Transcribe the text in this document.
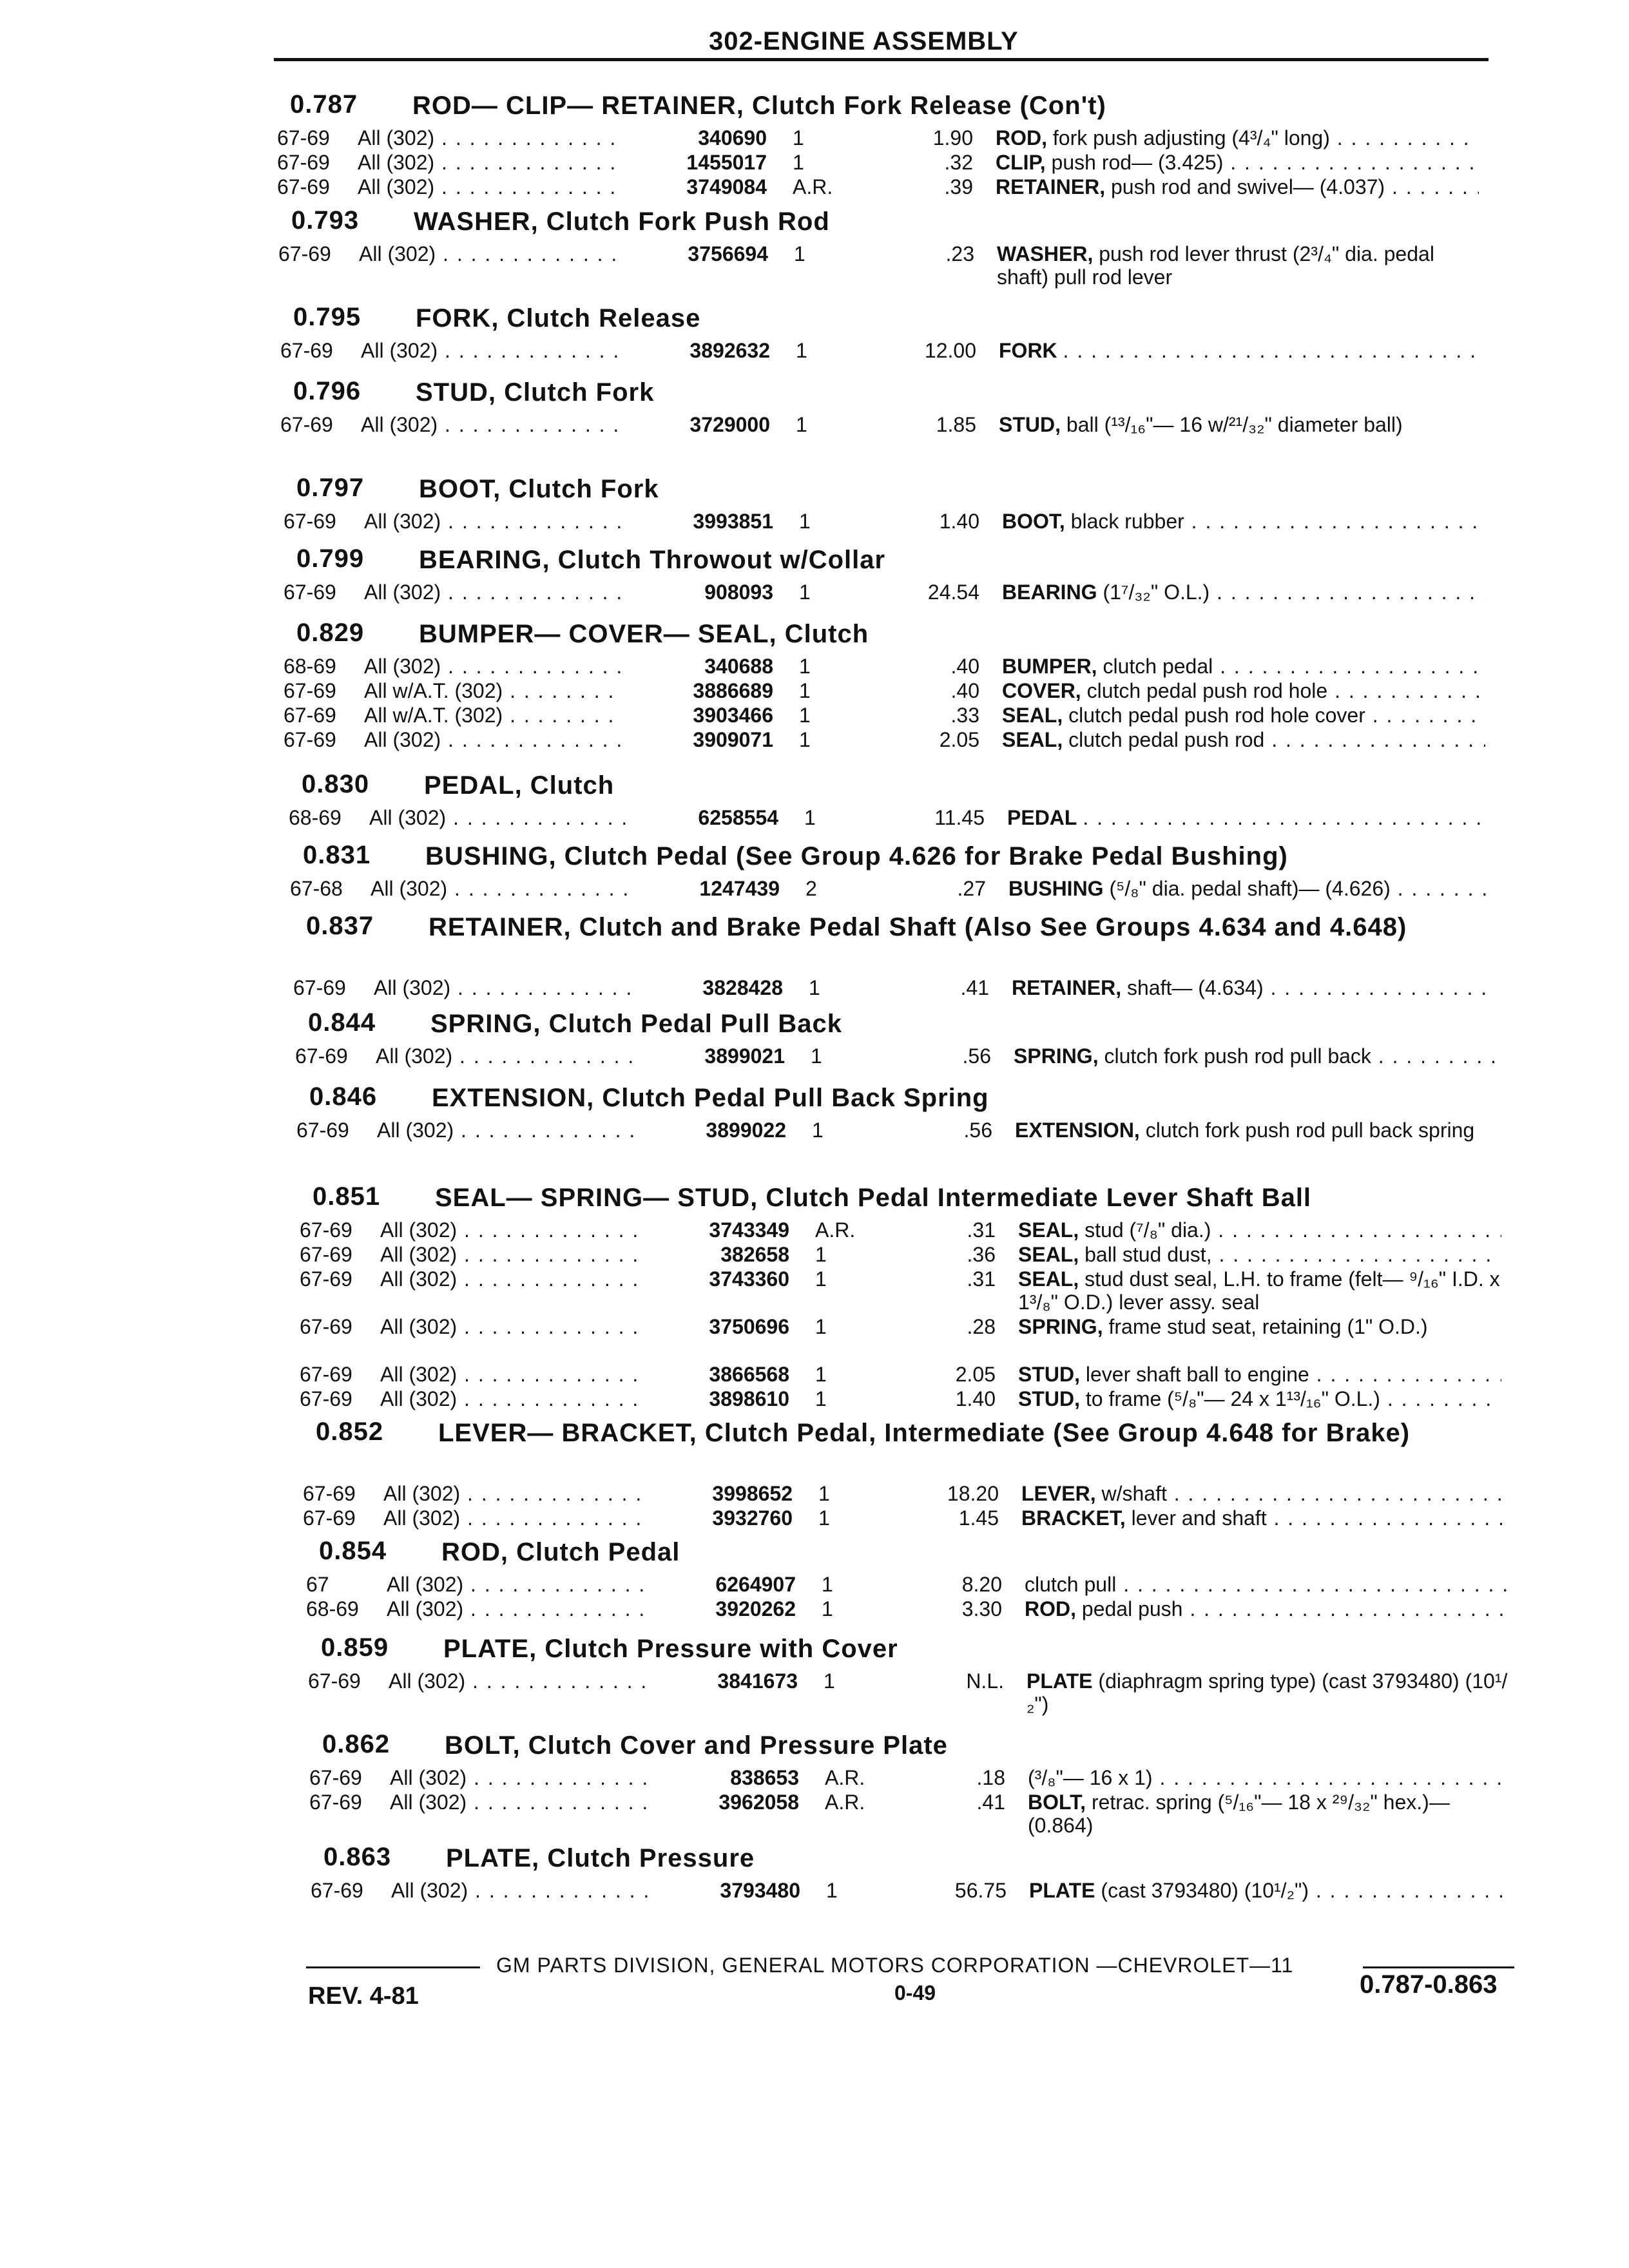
302-ENGINE ASSEMBLY
0.787 ROD— CLIP— RETAINER, Clutch Fork Release (Con't)
67-69	All (302) . . .	340690 1	1.90 ROD, fork push adjusting (4³/₄" long) . . .
67-69	All (302) . . .	1455017 1	.32 CLIP, push rod— (3.425) . . .
67-69	All (302) . . .	3749084 A.R.	.39 RETAINER, push rod and swivel— (4.037) . . .
0.793 WASHER, Clutch Fork Push Rod
67-69	All (302) . . .	3756694 1	.23 WASHER, push rod lever thrust (2³/₄" dia. pedal shaft) pull rod lever
0.795 FORK, Clutch Release
67-69	All (302) . . .	3892632 1	12.00 FORK . . .
0.796 STUD, Clutch Fork
67-69	All (302) . . .	3729000 1	1.85 STUD, ball (¹³/₁₆"— 16 w/²¹/₃₂" diameter ball)
0.797 BOOT, Clutch Fork
67-69	All (302) . . .	3993851 1	1.40 BOOT, black rubber . . .
0.799 BEARING, Clutch Throwout w/Collar
67-69	All (302) . . .	908093 1	24.54 BEARING (1⁷/₃₂" O.L.) . . .
0.829 BUMPER— COVER— SEAL, Clutch
68-69	All (302) . . .	340688 1	.40 BUMPER, clutch pedal . . .
67-69	All w/A.T. (302) . . .	3886689 1	.40 COVER, clutch pedal push rod hole . . .
67-69	All w/A.T. (302) . . .	3903466 1	.33 SEAL, clutch pedal push rod hole cover . . .
67-69	All (302) . . .	3909071 1	2.05 SEAL, clutch pedal push rod . . .
0.830 PEDAL, Clutch
68-69	All (302) . . .	6258554 1	11.45 PEDAL . . .
0.831 BUSHING, Clutch Pedal (See Group 4.626 for Brake Pedal Bushing)
67-68	All (302) . . .	1247439 2	.27 BUSHING (⁵/₈" dia. pedal shaft)— (4.626) . . .
0.837 RETAINER, Clutch and Brake Pedal Shaft (Also See Groups 4.634 and 4.648)
67-69	All (302) . . .	3828428 1	.41 RETAINER, shaft— (4.634) . . .
0.844 SPRING, Clutch Pedal Pull Back
67-69	All (302) . . .	3899021 1	.56 SPRING, clutch fork push rod pull back . . .
0.846 EXTENSION, Clutch Pedal Pull Back Spring
67-69	All (302) . . .	3899022 1	.56 EXTENSION, clutch fork push rod pull back spring
0.851 SEAL— SPRING— STUD, Clutch Pedal Intermediate Lever Shaft Ball
67-69	All (302) . . .	3743349 A.R.	.31 SEAL, stud (⁷/₈" dia.) . . .
67-69	All (302) . . .	382658 1	.36 SEAL, ball stud dust, . . .
67-69	All (302) . . .	3743360 1	.31 SEAL, stud dust seal, L.H. to frame (felt— ⁹/₁₆" I.D. x 1³/₈" O.D.) lever assy. seal
67-69	All (302) . . .	3750696 1	.28 SPRING, frame stud seat, retaining (1" O.D.)
67-69	All (302) . . .	3866568 1	2.05 STUD, lever shaft ball to engine . . .
67-69	All (302) . . .	3898610 1	1.40 STUD, to frame (⁵/₈"— 24 x 1¹³/₁₆" O.L.) . . .
0.852 LEVER— BRACKET, Clutch Pedal, Intermediate (See Group 4.648 for Brake)
67-69	All (302) . . .	3998652 1	18.20 LEVER, w/shaft . . .
67-69	All (302) . . .	3932760 1	1.45 BRACKET, lever and shaft . . .
0.854 ROD, Clutch Pedal
67	All (302) . . .	6264907 1	8.20 clutch pull . . .
68-69	All (302) . . .	3920262 1	3.30 ROD, pedal push . . .
0.859 PLATE, Clutch Pressure with Cover
67-69	All (302) . . .	3841673 1	N.L. PLATE (diaphragm spring type) (cast 3793480) (10¹/₂")
0.862 BOLT, Clutch Cover and Pressure Plate
67-69	All (302) . . .	838653 A.R.	.18 (³/₈"— 16 x 1) . . .
67-69	All (302) . . .	3962058 A.R.	.41 BOLT, retrac. spring (⁵/₁₆"— 18 x ²⁹/₃₂" hex.)— (0.864)
0.863 PLATE, Clutch Pressure
67-69	All (302) . . .	3793480 1	56.75 PLATE (cast 3793480) (10¹/₂") . . .
GM PARTS DIVISION, GENERAL MOTORS CORPORATION —CHEVROLET—11
REV. 4-81	0-49	0.787-0.863
